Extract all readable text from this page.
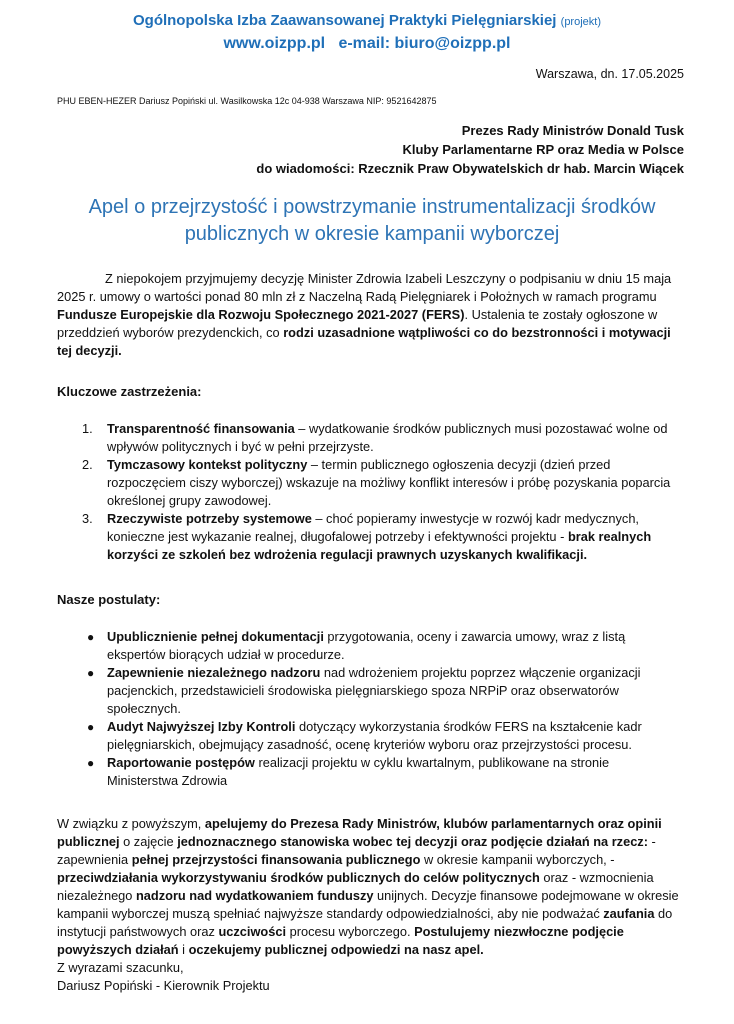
Ogólnopolska Izba Zaawansowanej Praktyki Pielęgniarskiej (projekt)
www.oizpp.pl e-mail: biuro@oizpp.pl
Warszawa, dn. 17.05.2025
PHU EBEN-HEZER Dariusz Popiński ul. Wasilkowska 12c 04-938 Warszawa NIP: 9521642875
Prezes Rady Ministrów Donald Tusk
Kluby Parlamentarne RP oraz Media w Polsce
do wiadomości: Rzecznik Praw Obywatelskich dr hab. Marcin Wiącek
Apel o przejrzystość i powstrzymanie instrumentalizacji środków
publicznych w okresie kampanii wyborczej
Z niepokojem przyjmujemy decyzję Minister Zdrowia Izabeli Leszczyny o podpisaniu w dniu 15 maja 2025 r. umowy o wartości ponad 80 mln zł z Naczelną Radą Pielęgniarek i Położnych w ramach programu Fundusze Europejskie dla Rozwoju Społecznego 2021-2027 (FERS). Ustalenia te zostały ogłoszone w przeddzień wyborów prezydenckich, co rodzi uzasadnione wątpliwości co do bezstronności i motywacji tej decyzji.
Kluczowe zastrzeżenia:
1. Transparentność finansowania – wydatkowanie środków publicznych musi pozostawać wolne od wpływów politycznych i być w pełni przejrzyste.
2. Tymczasowy kontekst polityczny – termin publicznego ogłoszenia decyzji (dzień przed rozpoczęciem ciszy wyborczej) wskazuje na możliwy konflikt interesów i próbę pozyskania poparcia określonej grupy zawodowej.
3. Rzeczywiste potrzeby systemowe – choć popieramy inwestycje w rozwój kadr medycznych, konieczne jest wykazanie realnej, długofalowej potrzeby i efektywności projektu - brak realnych korzyści ze szkoleń bez wdrożenia regulacji prawnych uzyskanych kwalifikacji.
Nasze postulaty:
● Upublicznienie pełnej dokumentacji przygotowania, oceny i zawarcia umowy, wraz z listą ekspertów biorących udział w procedurze.
● Zapewnienie niezależnego nadzoru nad wdrożeniem projektu poprzez włączenie organizacji pacjenckich, przedstawicieli środowiska pielęgniarskiego spoza NRPiP oraz obserwatorów społecznych.
● Audyt Najwyższej Izby Kontroli dotyczący wykorzystania środków FERS na kształcenie kadr pielęgniarskich, obejmujący zasadność, ocenę kryteriów wyboru oraz przejrzystości procesu.
● Raportowanie postępów realizacji projektu w cyklu kwartalnym, publikowane na stronie Ministerstwa Zdrowia
W związku z powyższym, apelujemy do Prezesa Rady Ministrów, klubów parlamentarnych oraz opinii publicznej o zajęcie jednoznacznego stanowiska wobec tej decyzji oraz podjęcie działań na rzecz: - zapewnienia pełnej przejrzystości finansowania publicznego w okresie kampanii wyborczych, - przeciwdziałania wykorzystywaniu środków publicznych do celów politycznych oraz - wzmocnienia niezależnego nadzoru nad wydatkowaniem funduszy unijnych. Decyzje finansowe podejmowane w okresie kampanii wyborczej muszą spełniać najwyższe standardy odpowiedzialności, aby nie podważać zaufania do instytucji państwowych oraz uczciwości procesu wyborczego. Postulujemy niezwłoczne podjęcie powyższych działań i oczekujemy publicznej odpowiedzi na nasz apel.
Z wyrazami szacunku,
Dariusz Popiński - Kierownik Projektu
